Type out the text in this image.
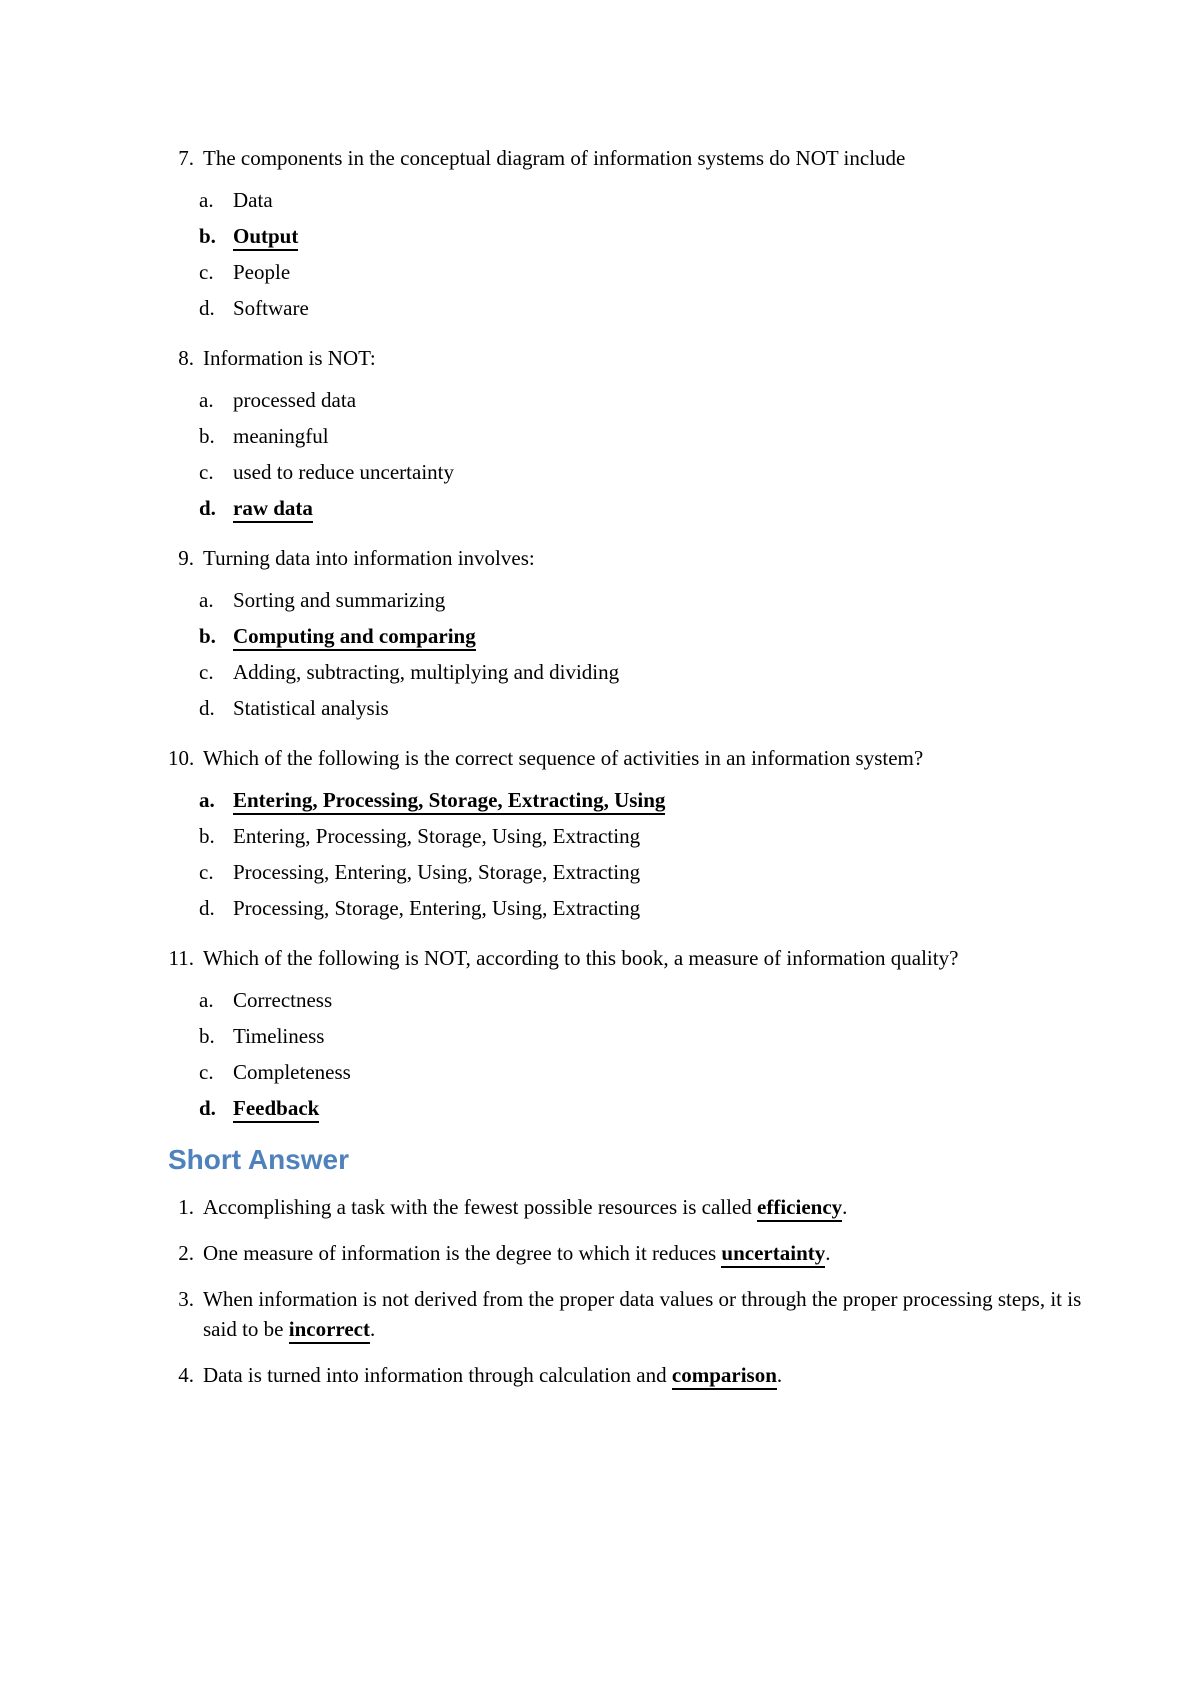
7. The components in the conceptual diagram of information systems do NOT include
a. Data
b. Output
c. People
d. Software
8. Information is NOT:
a. processed data
b. meaningful
c. used to reduce uncertainty
d. raw data
9. Turning data into information involves:
a. Sorting and summarizing
b. Computing and comparing
c. Adding, subtracting, multiplying and dividing
d. Statistical analysis
10. Which of the following is the correct sequence of activities in an information system?
a. Entering, Processing, Storage, Extracting, Using
b. Entering, Processing, Storage, Using, Extracting
c. Processing, Entering, Using, Storage, Extracting
d. Processing, Storage, Entering, Using, Extracting
11. Which of the following is NOT, according to this book, a measure of information quality?
a. Correctness
b. Timeliness
c. Completeness
d. Feedback
Short Answer
1. Accomplishing a task with the fewest possible resources is called efficiency.
2. One measure of information is the degree to which it reduces uncertainty.
3. When information is not derived from the proper data values or through the proper processing steps, it is said to be incorrect.
4. Data is turned into information through calculation and comparison.
